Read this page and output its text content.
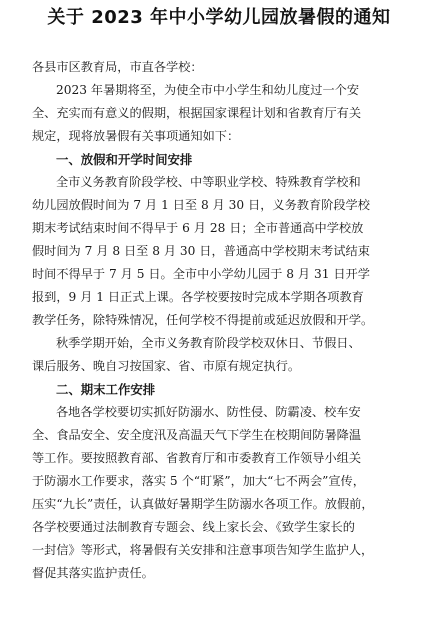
关于 2023 年中小学幼儿园放暑假的通知
各县市区教育局，市直各学校：
2023 年暑期将至，为使全市中小学生和幼儿度过一个安
全、充实而有意义的假期，根据国家课程计划和省教育厅有关
规定，现将放暑假有关事项通知如下：
一、放假和开学时间安排
全市义务教育阶段学校、中等职业学校、特殊教育学校和
幼儿园放假时间为 7 月 1 日至 8 月 30 日，义务教育阶段学校
期末考试结束时间不得早于 6 月 28 日；全市普通高中学校放
假时间为 7 月 8 日至 8 月 30 日，普通高中学校期末考试结束
时间不得早于 7 月 5 日。全市中小学幼儿园于 8 月 31 日开学
报到，9 月 1 日正式上课。各学校要按时完成本学期各项教育
教学任务，除特殊情况，任何学校不得提前或延迟放假和开学。
秋季学期开始，全市义务教育阶段学校双休日、节假日、
课后服务、晚自习按国家、省、市原有规定执行。
二、期末工作安排
各地各学校要切实抓好防溺水、防性侵、防霸凌、校车安
全、食品安全、安全度汛及高温天气下学生在校期间防暑降温
等工作。要按照教育部、省教育厅和市委教育工作领导小组关
于防溺水工作要求，落实 5 个“盯紧”，加大“七不两会”宣传，
压实“九长”责任，认真做好暑期学生防溺水各项工作。放假前，
各学校要通过法制教育专题会、线上家长会、《致学生家长的
一封信》等形式，将暑假有关安排和注意事项告知学生监护人，
督促其落实监护责任。
